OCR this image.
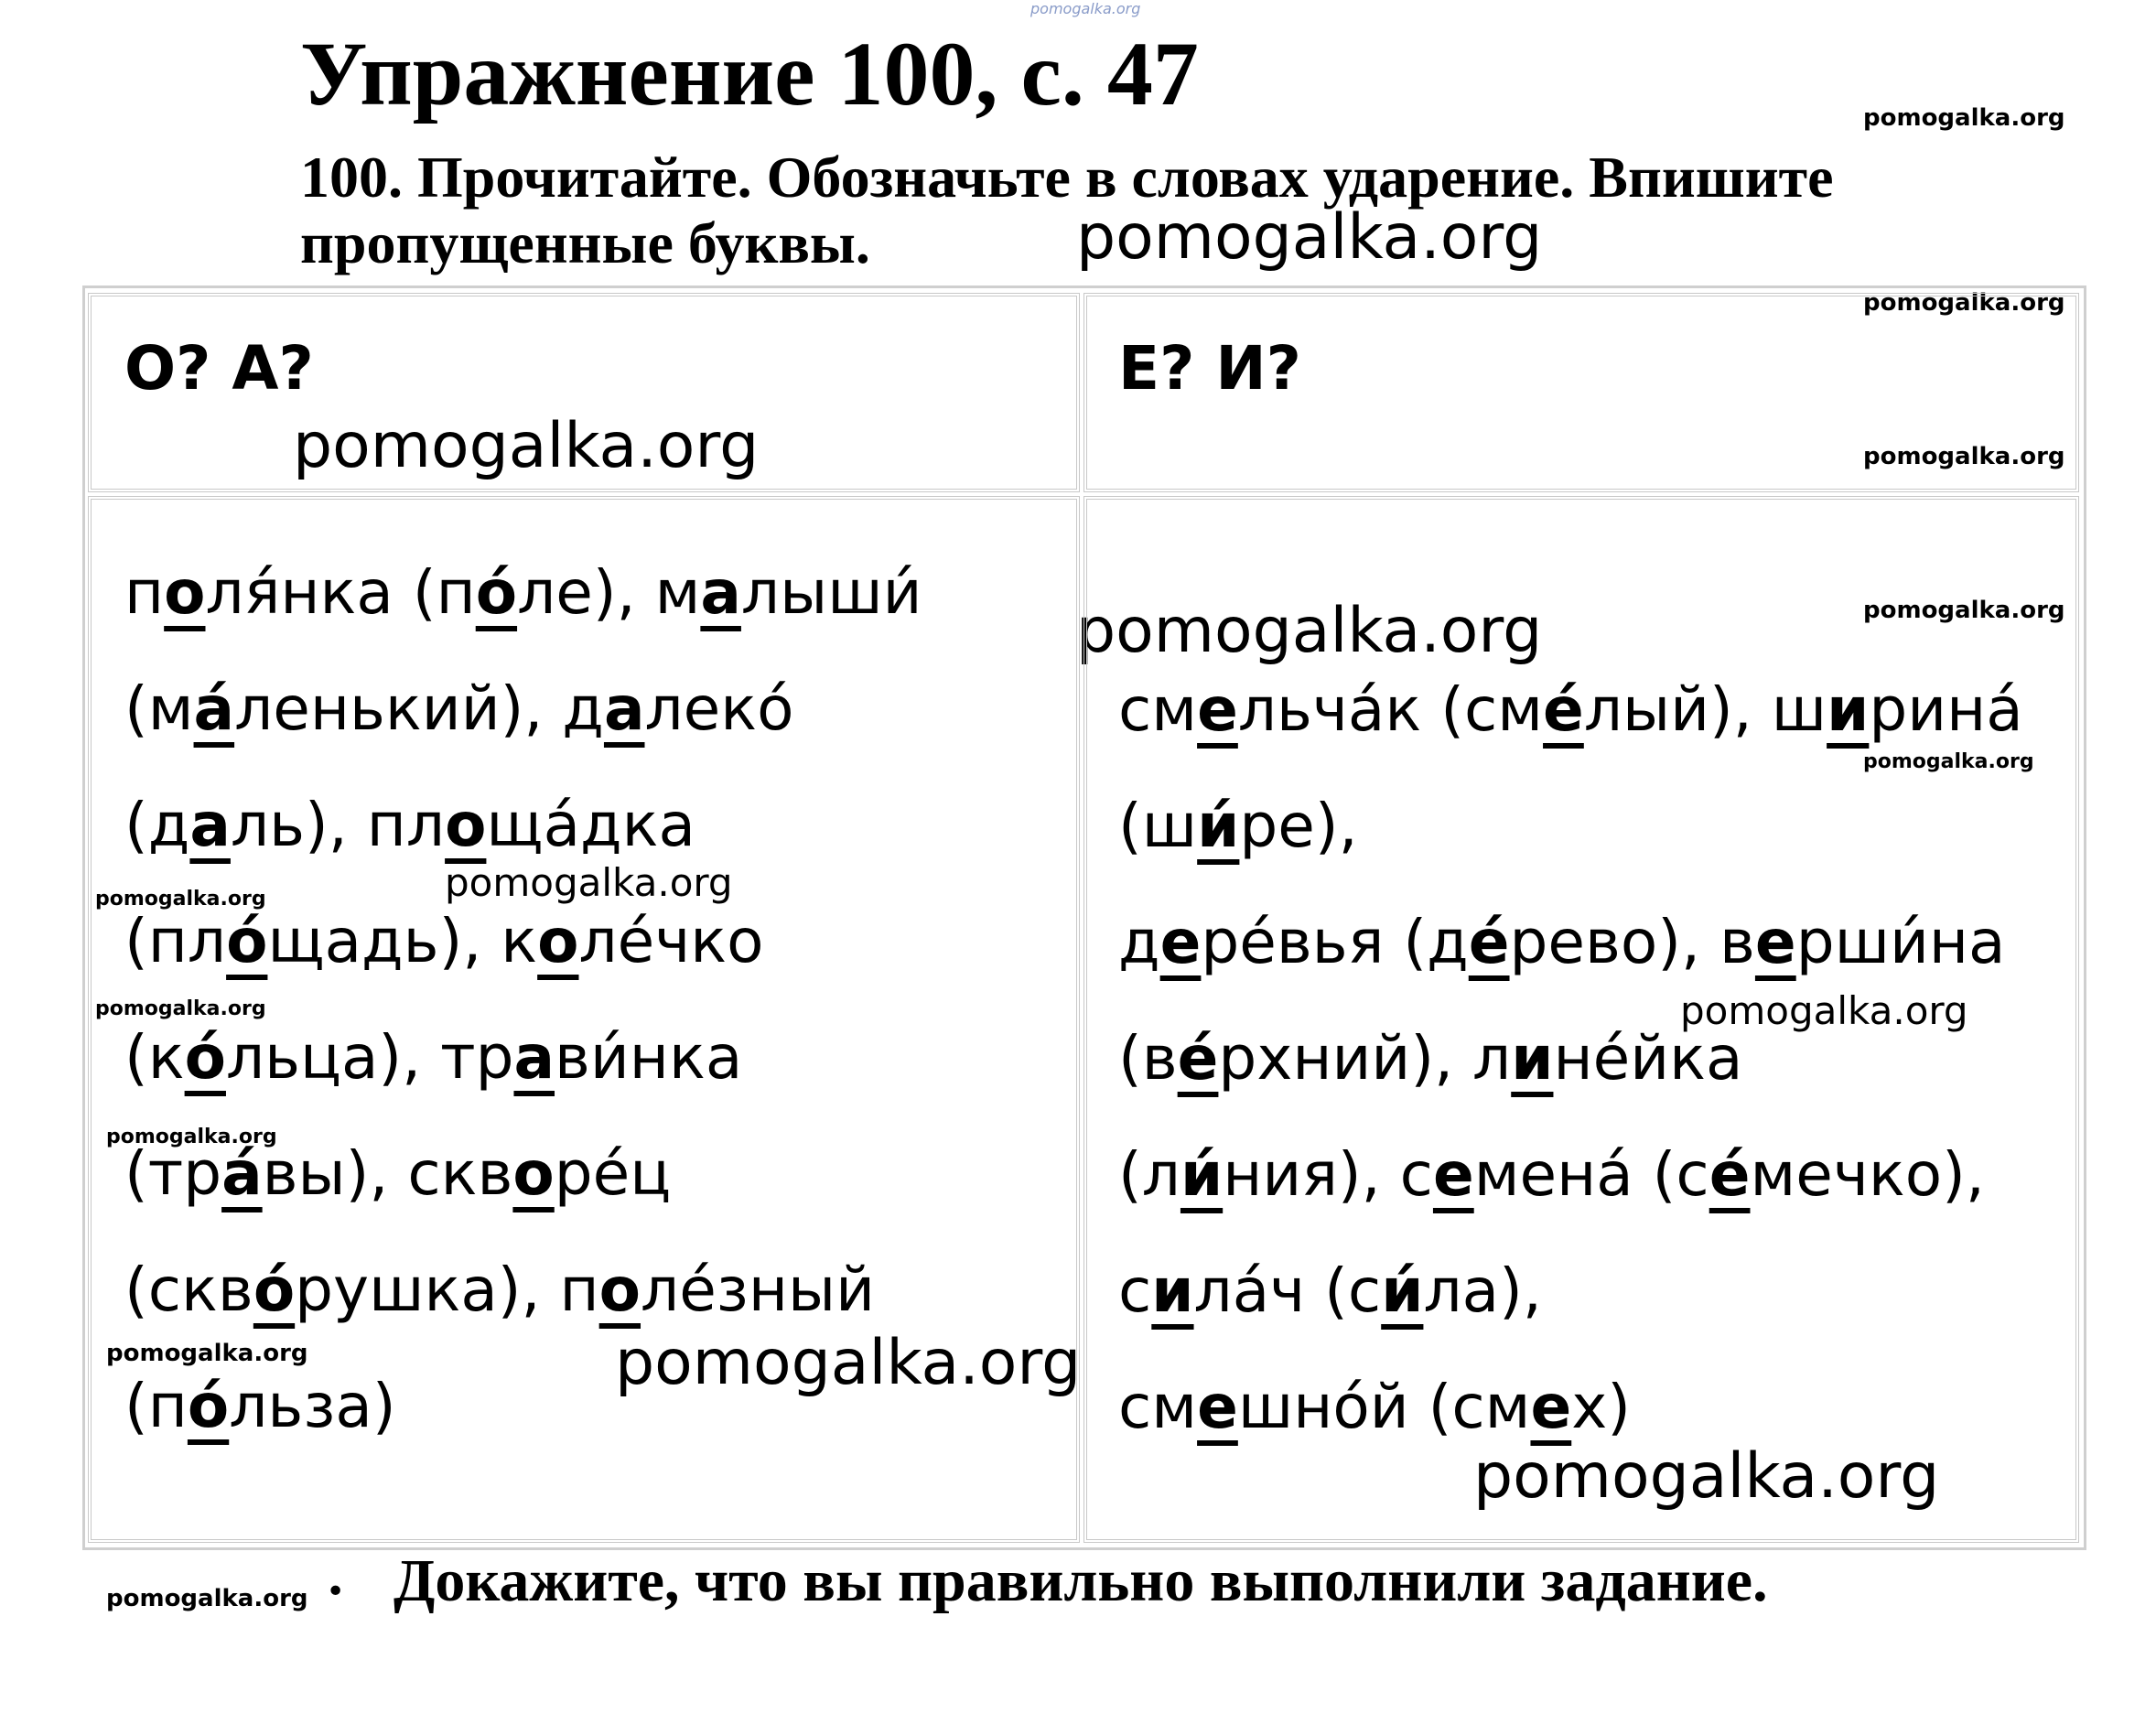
pomogalka.org
pomogalka.org
pomogalka.org
pomogalka.org
pomogalka.org	pomogalka.org
pomogalka.org
pomogalka.org
pomogalka.org
pomogalka.org
pomogalka.org
pomogalka.org	pomogalka.org
pomogalka.org
pomogalka.org	pomogalka.org
pomogalka.org
pomogalka.org
Упражнение 100, с. 47
100. Прочитайте. Обозначьте в словах ударение. Впишите
пропущенные буквы.
О? А?	Е? И?
поля́нка (по́ле), малыши́
(ма́ленький), далеко́
(даль), площа́дка
(пло́щадь), коле́чко
(ко́льца), трави́нка
(тра́вы), скворе́ц
(скво́рушка), поле́зный
(по́льза)
смельча́к (сме́лый), ширина́
(ши́ре),
дере́вья (де́рево), верши́на
(ве́рхний), лине́йка
(ли́ния), семена́ (се́мечко),
сила́ч (си́ла),
смешно́й (смех)
• Докажите, что вы правильно выполнили задание.
